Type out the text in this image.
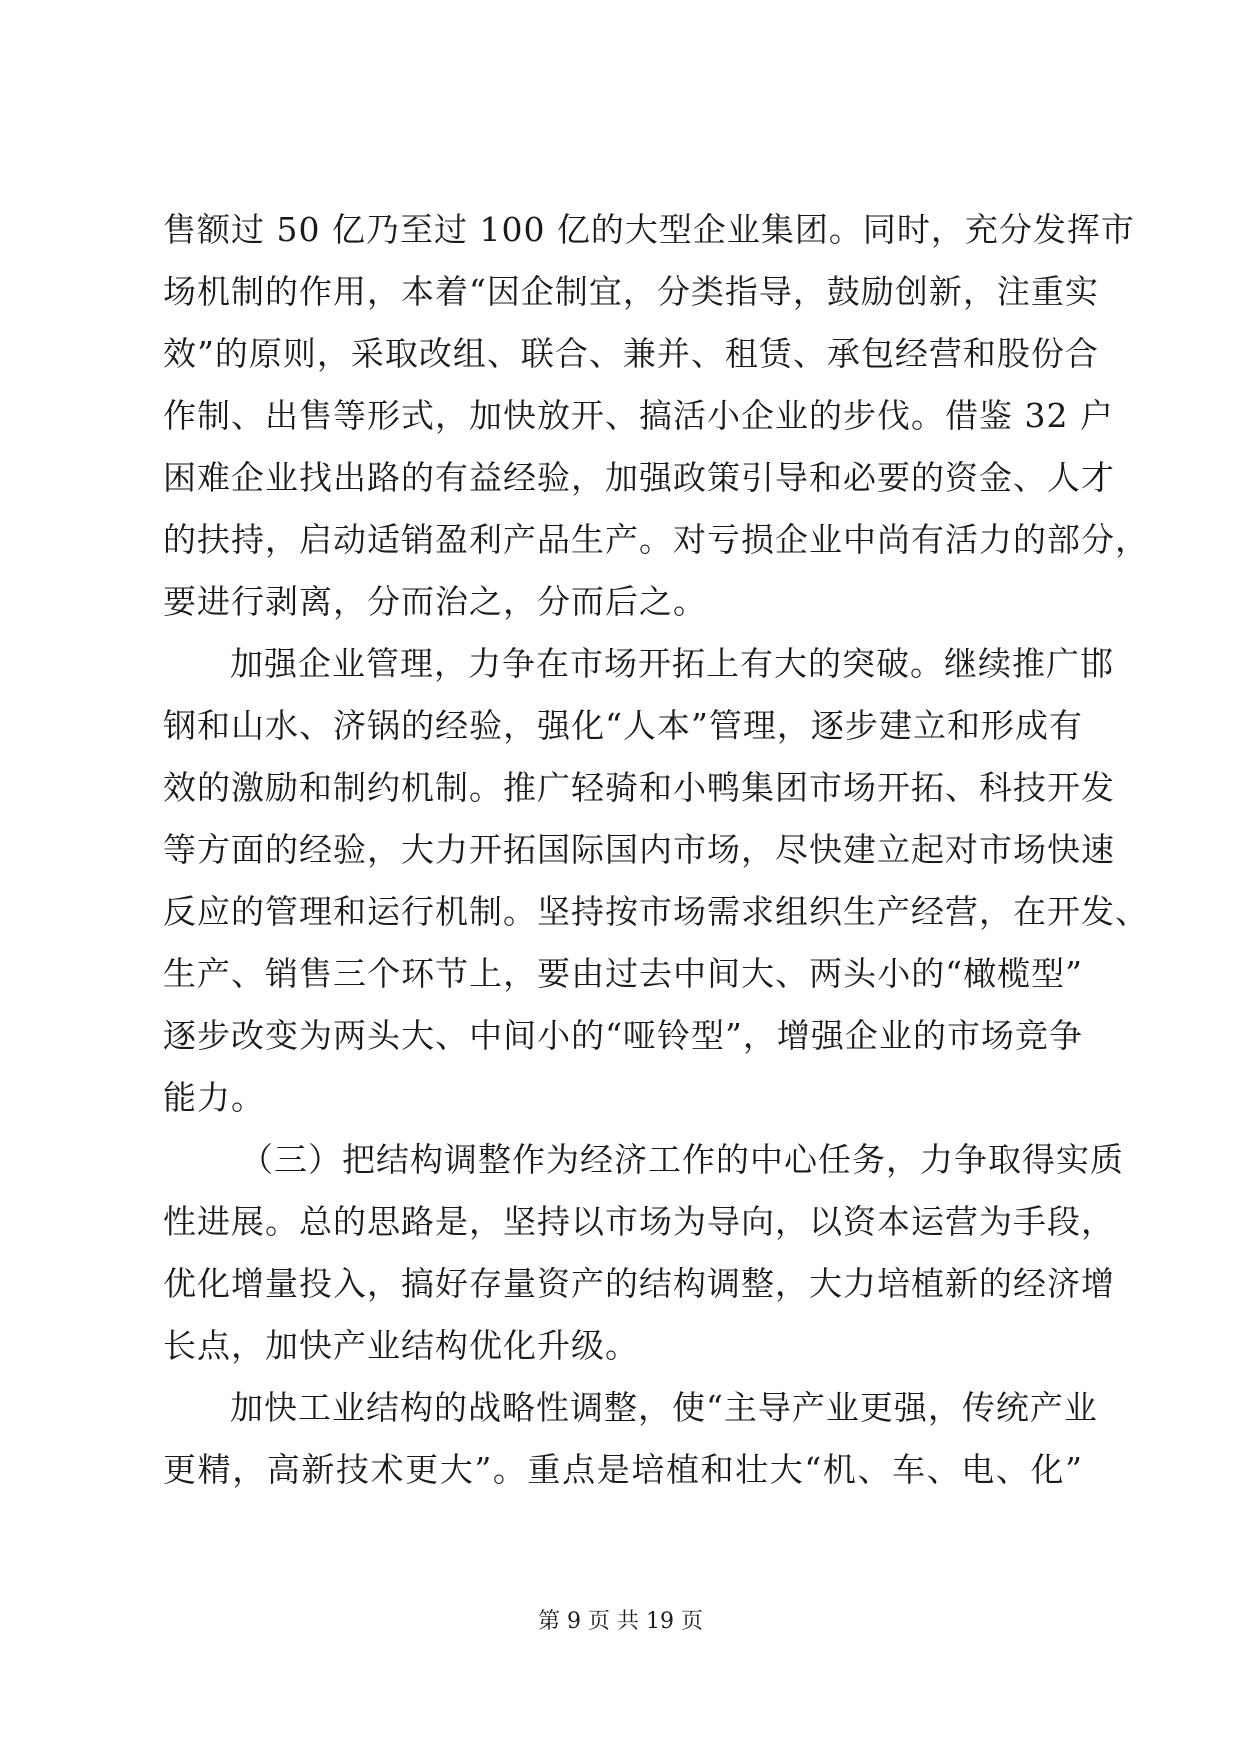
售额过 50 亿乃至过 100 亿的大型企业集团。同时，充分发挥市
场机制的作用，本着“因企制宜，分类指导，鼓励创新，注重实
效”的原则，采取改组、联合、兼并、租赁、承包经营和股份合
作制、出售等形式，加快放开、搞活小企业的步伐。借鉴 32 户
困难企业找出路的有益经验，加强政策引导和必要的资金、人才
的扶持，启动适销盈利产品生产。对亏损企业中尚有活力的部分，
要进行剥离，分而治之，分而后之。
加强企业管理，力争在市场开拓上有大的突破。继续推广邯
钢和山水、济锅的经验，强化“人本”管理，逐步建立和形成有
效的激励和制约机制。推广轻骑和小鸭集团市场开拓、科技开发
等方面的经验，大力开拓国际国内市场，尽快建立起对市场快速
反应的管理和运行机制。坚持按市场需求组织生产经营，在开发、
生产、销售三个环节上，要由过去中间大、两头小的“橄榄型”
逐步改变为两头大、中间小的“哑铃型”，增强企业的市场竞争
能力。
（三）把结构调整作为经济工作的中心任务，力争取得实质
性进展。总的思路是，坚持以市场为导向，以资本运营为手段，
优化增量投入，搞好存量资产的结构调整，大力培植新的经济增
长点，加快产业结构优化升级。
加快工业结构的战略性调整，使“主导产业更强，传统产业
更精，高新技术更大”。重点是培植和壮大“机、车、电、化”
第 9 页 共 19 页
